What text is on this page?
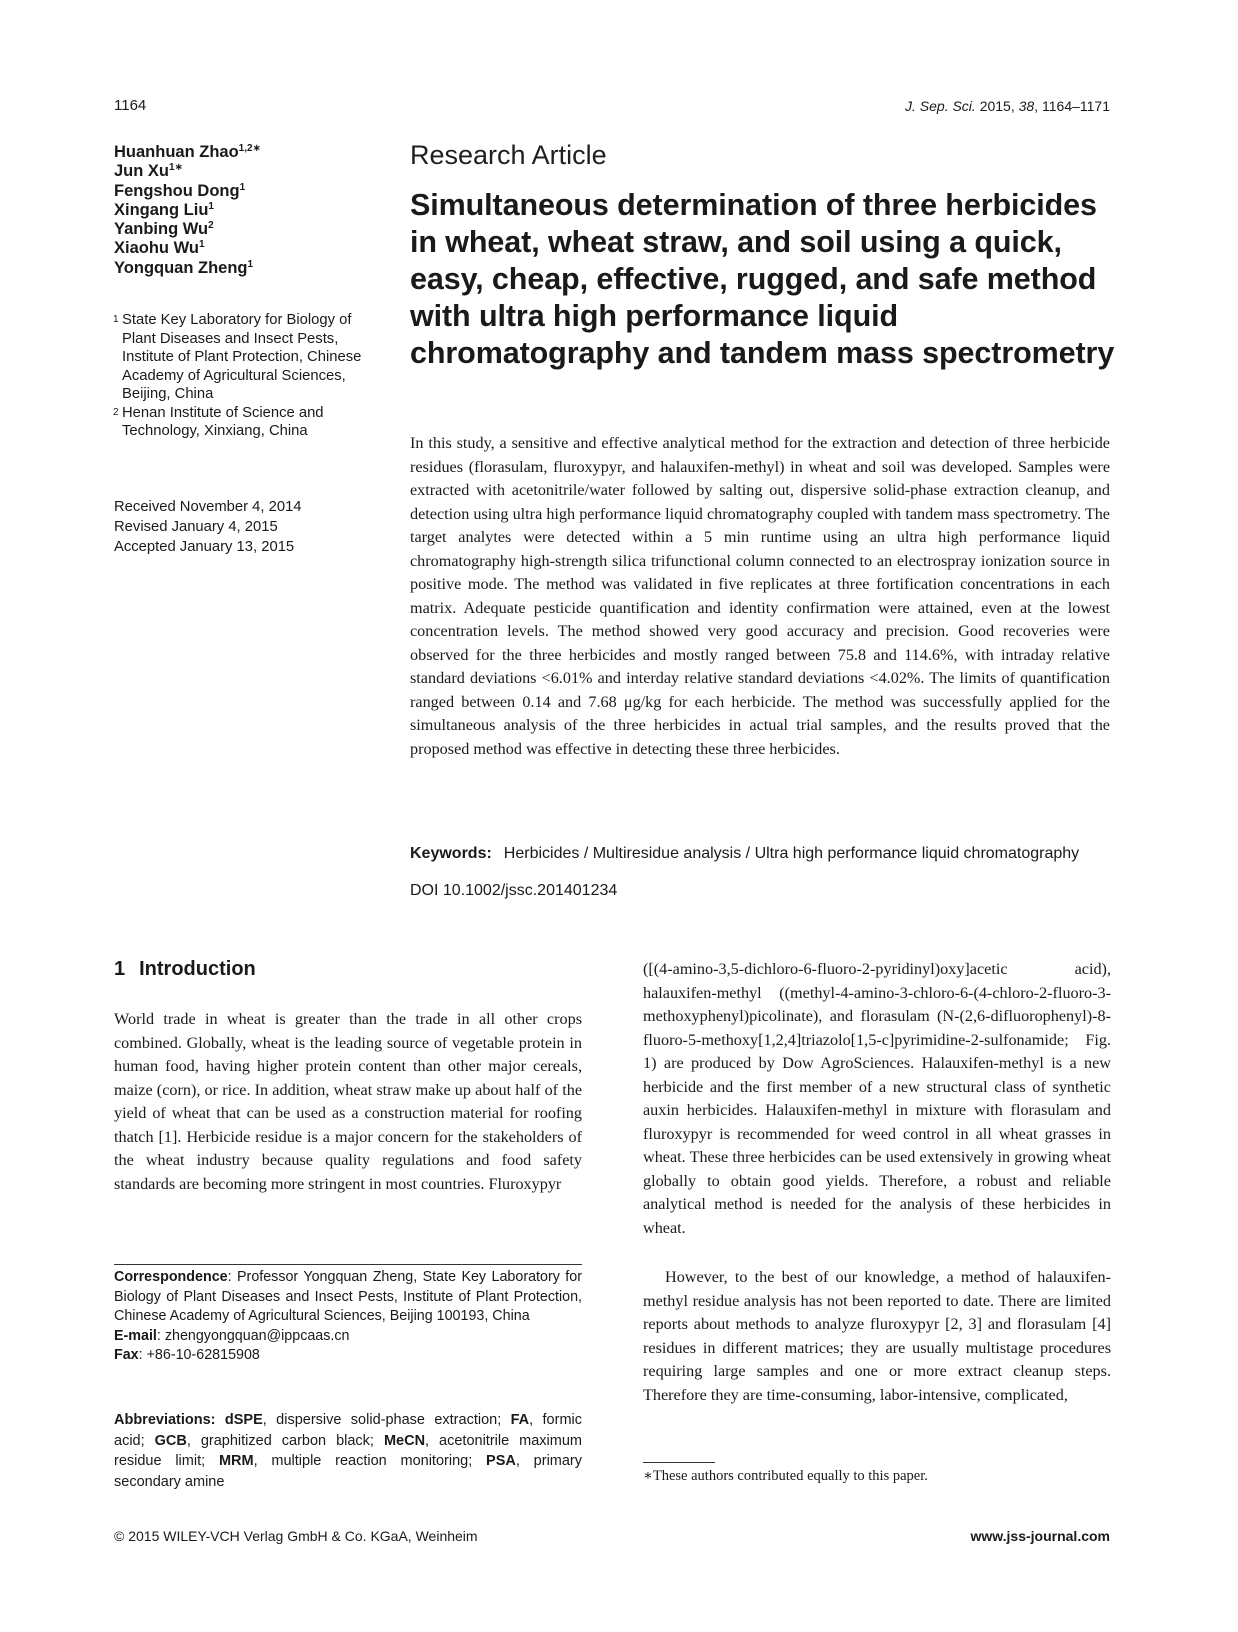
1164	J. Sep. Sci. 2015, 38, 1164–1171
Huanhuan Zhao$^{1,2∗}$
Jun $Xu^{1∗}$
Fengshou Dong$^1$
Xingang Liu$^1$
Yanbing Wu$^2$
Xiaohu Wu$^1$
Yongquan Zheng$^1$
1 State Key Laboratory for Biology of Plant Diseases and Insect Pests, Institute of Plant Protection, Chinese Academy of Agricultural Sciences, Beijing, China
2 Henan Institute of Science and Technology, Xinxiang, China
Received November 4, 2014
Revised January 4, 2015
Accepted January 13, 2015
Research Article
Simultaneous determination of three herbicides in wheat, wheat straw, and soil using a quick, easy, cheap, effective, rugged, and safe method with ultra high performance liquid chromatography and tandem mass spectrometry

In this study, a sensitive and effective analytical method for the extraction and detection of three herbicide residues (florasulam, fluroxypyr, and halauxifen-methyl) in wheat and soil was developed. Samples were extracted with acetonitrile/water followed by salting out, dispersive solid-phase extraction cleanup, and detection using ultra high performance liquid chromatography coupled with tandem mass spectrometry. The target analytes were detected within a 5 min runtime using an ultra high performance liquid chromatography high-strength silica trifunctional column connected to an electrospray ionization source in positive mode. The method was validated in five replicates at three fortification concentrations in each matrix. Adequate pesticide quantification and identity confirmation were attained, even at the lowest concentration levels. The method showed very good accuracy and precision. Good recoveries were observed for the three herbicides and mostly ranged between 75.8 and 114.6%, with intraday relative standard deviations <6.01% and interday relative standard deviations <4.02%. The limits of quantification ranged between 0.14 and 7.68 μg/kg for each herbicide. The method was successfully applied for the simultaneous analysis of the three herbicides in actual trial samples, and the results proved that the proposed method was effective in detecting these three herbicides.

Keywords: Herbicides / Multiresidue analysis / Ultra high performance liquid chromatography
DOI 10.1002/jssc.201401234
1 Introduction

World trade in wheat is greater than the trade in all other crops combined. Globally, wheat is the leading source of vegetable protein in human food, having higher protein content than other major cereals, maize (corn), or rice. In addition, wheat straw make up about half of the yield of wheat that can be used as a construction material for roofing thatch [1]. Herbicide residue is a major concern for the stakeholders of the wheat industry because quality regulations and food safety standards are becoming more stringent in most countries. Fluroxypyr

([(4-amino-3,5-dichloro-6-fluoro-2-pyridinyl)oxy]acetic acid), halauxifen-methyl ((methyl-4-amino-3-chloro-6-(4-chloro-2-fluoro-3-methoxyphenyl)picolinate), and florasulam (N-(2,6-difluorophenyl)-8-fluoro-5-methoxy[1,2,4]triazolo[1,5-c]pyrimidine-2-sulfonamide; Fig. 1) are produced by Dow AgroSciences. Halauxifen-methyl is a new herbicide and the first member of a new structural class of synthetic auxin herbicides. Halauxifen-methyl in mixture with florasulam and fluroxypyr is recommended for weed control in all wheat grasses in wheat. These three herbicides can be used extensively in growing wheat globally to obtain good yields. Therefore, a robust and reliable analytical method is needed for the analysis of these herbicides in wheat.

However, to the best of our knowledge, a method of halauxifen-methyl residue analysis has not been reported to date. There are limited reports about methods to analyze fluroxypyr [2, 3] and florasulam [4] residues in different matrices; they are usually multistage procedures requiring large samples and one or more extract cleanup steps. Therefore they are time-consuming, labor-intensive, complicated,

Correspondence: Professor Yongquan Zheng, State Key Laboratory for Biology of Plant Diseases and Insect Pests, Institute of Plant Protection, Chinese Academy of Agricultural Sciences, Beijing 100193, China
E-mail: zhengyongquan@ippcaas.cn
Fax: +86-10-62815908
Abbreviations: dSPE, dispersive solid-phase extraction; FA, formic acid; GCB, graphitized carbon black; MeCN, acetonitrile maximum residue limit; MRM, multiple reaction monitoring; PSA, primary secondary amine	∗These authors contributed equally to this paper.
© 2015 WILEY-VCH Verlag GmbH & Co. KGaA, Weinheim	www.jss-journal.com
